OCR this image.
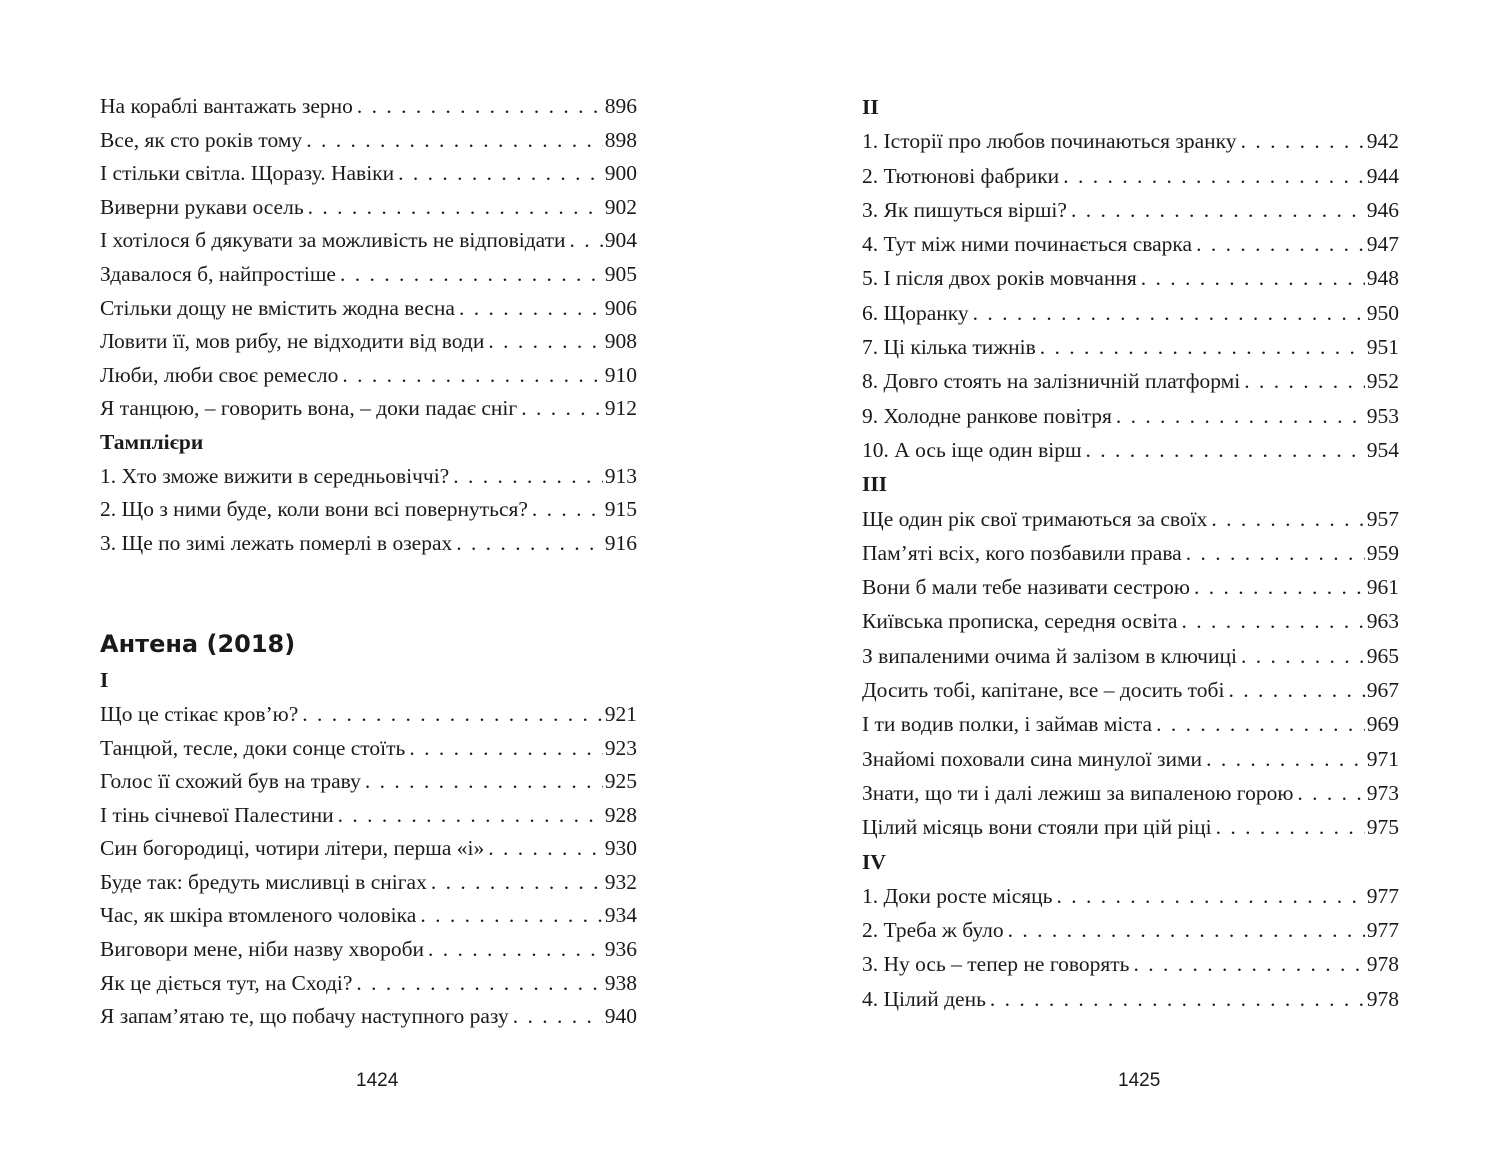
На кораблі вантажать зерно . . .	896
Все, як сто років тому . . .	898
І стільки світла. Щоразу. Навіки . . .	900
Виверни рукави осель . . .	902
І хотілося б дякувати за можливість не відповідати . . . 904
Здавалося б, найпростіше . . .	905
Стільки дощу не вмістить жодна весна . . .	906
Ловити її, мов рибу, не відходити від води . . .	908
Люби, люби своє ремесло . . .	910
Я танцюю, – говорить вона, – доки падає сніг . . .	912
Тамплієри
1. Хто зможе вижити в середньовіччі? . . .	913
2. Що з ними буде, коли вони всі повернуться? . . .	915
3. Ще по зимі лежать померлі в озерах . . .	916
Антена (2018)
I
Що це стікає кров’ю? . . .	921
Танцюй, тесле, доки сонце стоїть . . .	923
Голос її схожий був на траву . . .	925
І тінь січневої Палестини . . .	928
Син богородиці, чотири літери, перша «і» . . .	930
Буде так: бредуть мисливці в снігах . . .	932
Час, як шкіра втомленого чоловіка . . .	934
Виговори мене, ніби назву хвороби . . .	936
Як це діється тут, на Сході? . . .	938
Я запам’ятаю те, що побачу наступного разу . . .	940
II
1. Історії про любов починаються зранку . . .	942
2. Тютюнові фабрики . . .	944
3. Як пишуться вірші? . . .	946
4. Тут між ними починається сварка . . .	947
5. І після двох років мовчання . . .	948
6. Щоранку . . .	950
7. Ці кілька тижнів . . .	951
8. Довго стоять на залізничній платформі . . .	952
9. Холодне ранкове повітря . . .	953
10. А ось іще один вірш . . .	954
III
Ще один рік свої тримаються за своїх . . .	957
Пам’яті всіх, кого позбавили права . . .	959
Вони б мали тебе називати сестрою . . .	961
Київська прописка, середня освіта . . .	963
З випаленими очима й залізом в ключиці . . .	965
Досить тобі, капітане, все – досить тобі . . .	967
І ти водив полки, і займав міста . . .	969
Знайомі поховали сина минулої зими . . .	971
Знати, що ти і далі лежиш за випаленою горою . . .	973
Цілий місяць вони стояли при цій ріці . . .	975
IV
1. Доки росте місяць . . .	977
2. Треба ж було . . .	977
3. Ну ось – тепер не говорять . . .	978
4. Цілий день . . .	978
1424	1425
